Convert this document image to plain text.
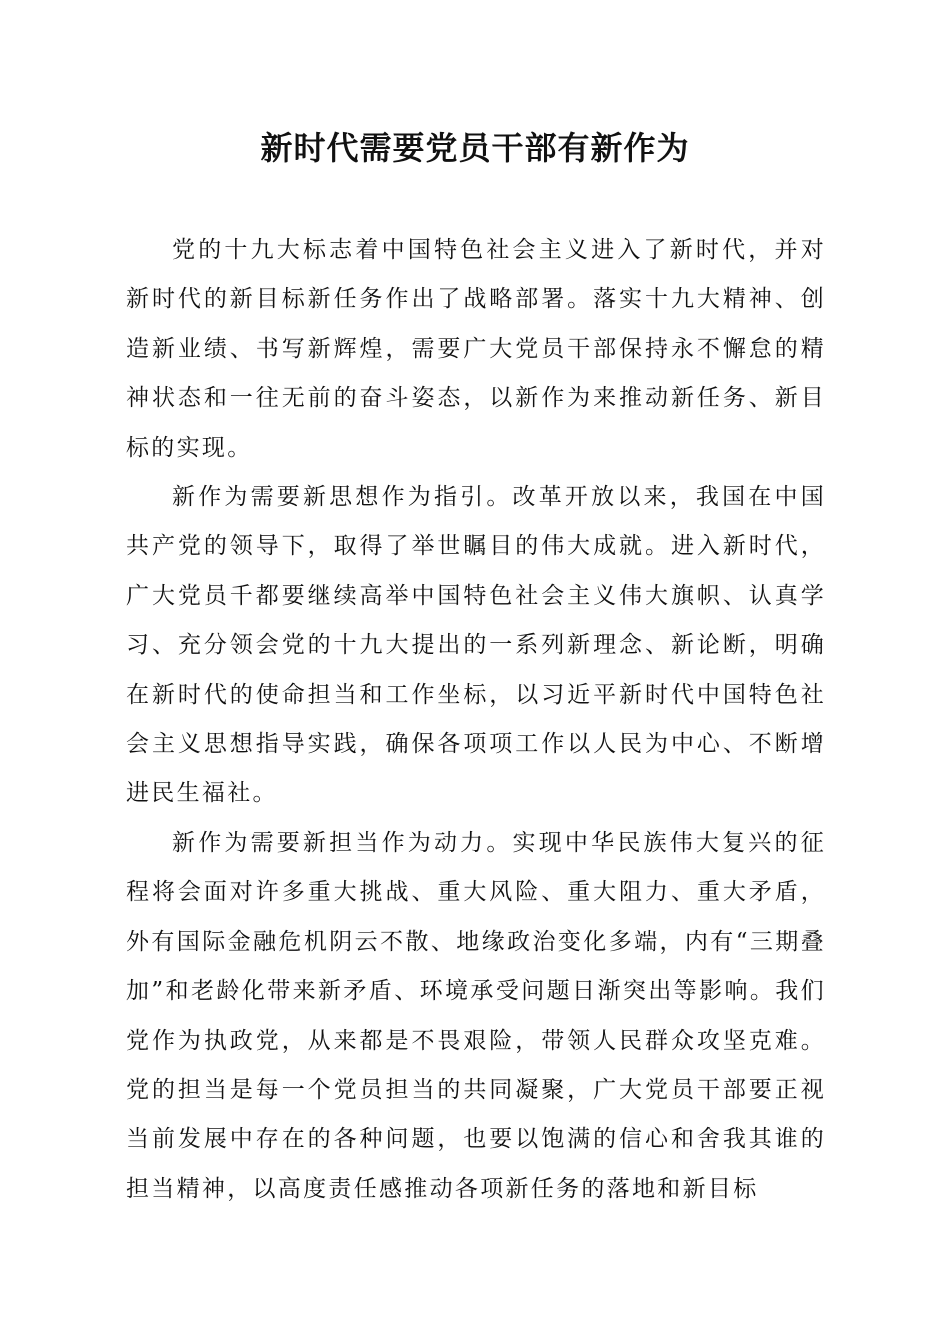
新时代需要党员干部有新作为

党的十九大标志着中国特色社会主义进入了新时代，并对新时代的新目标新任务作出了战略部署。落实十九大精神、创造新业绩、书写新辉煌，需要广大党员干部保持永不懈怠的精神状态和一往无前的奋斗姿态，以新作为来推动新任务、新目标的实现。

新作为需要新思想作为指引。改革开放以来，我国在中国共产党的领导下，取得了举世瞩目的伟大成就。进入新时代，广大党员千都要继续高举中国特色社会主义伟大旗帜、认真学习、充分领会党的十九大提出的一系列新理念、新论断，明确在新时代的使命担当和工作坐标，以习近平新时代中国特色社会主义思想指导实践，确保各项项工作以人民为中心、不断增进民生福社。

新作为需要新担当作为动力。实现中华民族伟大复兴的征程将会面对许多重大挑战、重大风险、重大阻力、重大矛盾，外有国际金融危机阴云不散、地缘政治变化多端，内有“三期叠加”和老龄化带来新矛盾、环境承受问题日渐突出等影响。我们党作为执政党，从来都是不畏艰险，带领人民群众攻坚克难。党的担当是每一个党员担当的共同凝聚，广大党员干部要正视当前发展中存在的各种问题，也要以饱满的信心和舍我其谁的担当精神，以高度责任感推动各项新任务的落地和新目标
